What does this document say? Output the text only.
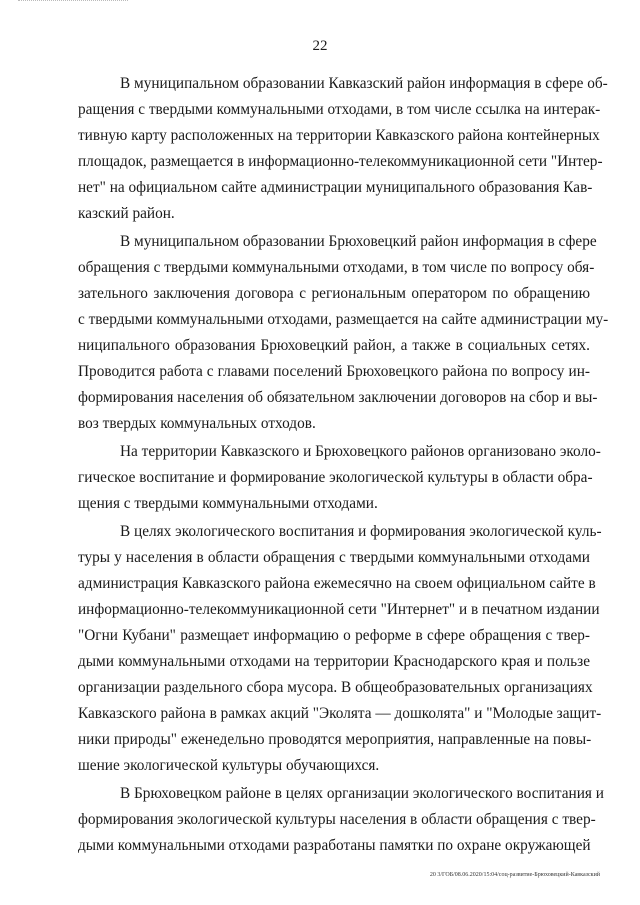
22
В муниципальном образовании Кавказский район информация в сфере об-
ращения с твердыми коммунальными отходами, в том числе ссылка на интерак-
тивную карту расположенных на территории Кавказского района контейнерных
площадок, размещается в информационно-телекоммуникационной сети "Интер-
нет" на официальном сайте администрации муниципального образования Кав-
казский район.
В муниципальном образовании Брюховецкий район информация в сфере
обращения с твердыми коммунальными отходами, в том числе по вопросу обя-
зательного заключения договора с региональным оператором по обращению
с твердыми коммунальными отходами, размещается на сайте администрации му-
ниципального образования Брюховецкий район, а также в социальных сетях.
Проводится работа с главами поселений Брюховецкого района по вопросу ин-
формирования населения об обязательном заключении договоров на сбор и вы-
воз твердых коммунальных отходов.
На территории Кавказского и Брюховецкого районов организовано эколо-
гическое воспитание и формирование экологической культуры в области обра-
щения с твердыми коммунальными отходами.
В целях экологического воспитания и формирования экологической куль-
туры у населения в области обращения с твердыми коммунальными отходами
администрация Кавказского района ежемесячно на своем официальном сайте в
информационно-телекоммуникационной сети "Интернет" и в печатном издании
"Огни Кубани" размещает информацию о реформе в сфере обращения с твер-
дыми коммунальными отходами на территории Краснодарского края и пользе
организации раздельного сбора мусора. В общеобразовательных организациях
Кавказского района в рамках акций "Эколята — дошколята" и "Молодые защит-
ники природы" еженедельно проводятся мероприятия, направленные на повы-
шение экологической культуры обучающихся.
В Брюховецком районе в целях организации экологического воспитания и
формирования экологической культуры населения в области обращения с твер-
дыми коммунальными отходами разработаны памятки по охране окружающей
20 3/ГОБ/08.06.2020/15:04/соц-развитие-Брюховецкий-Кавказский
